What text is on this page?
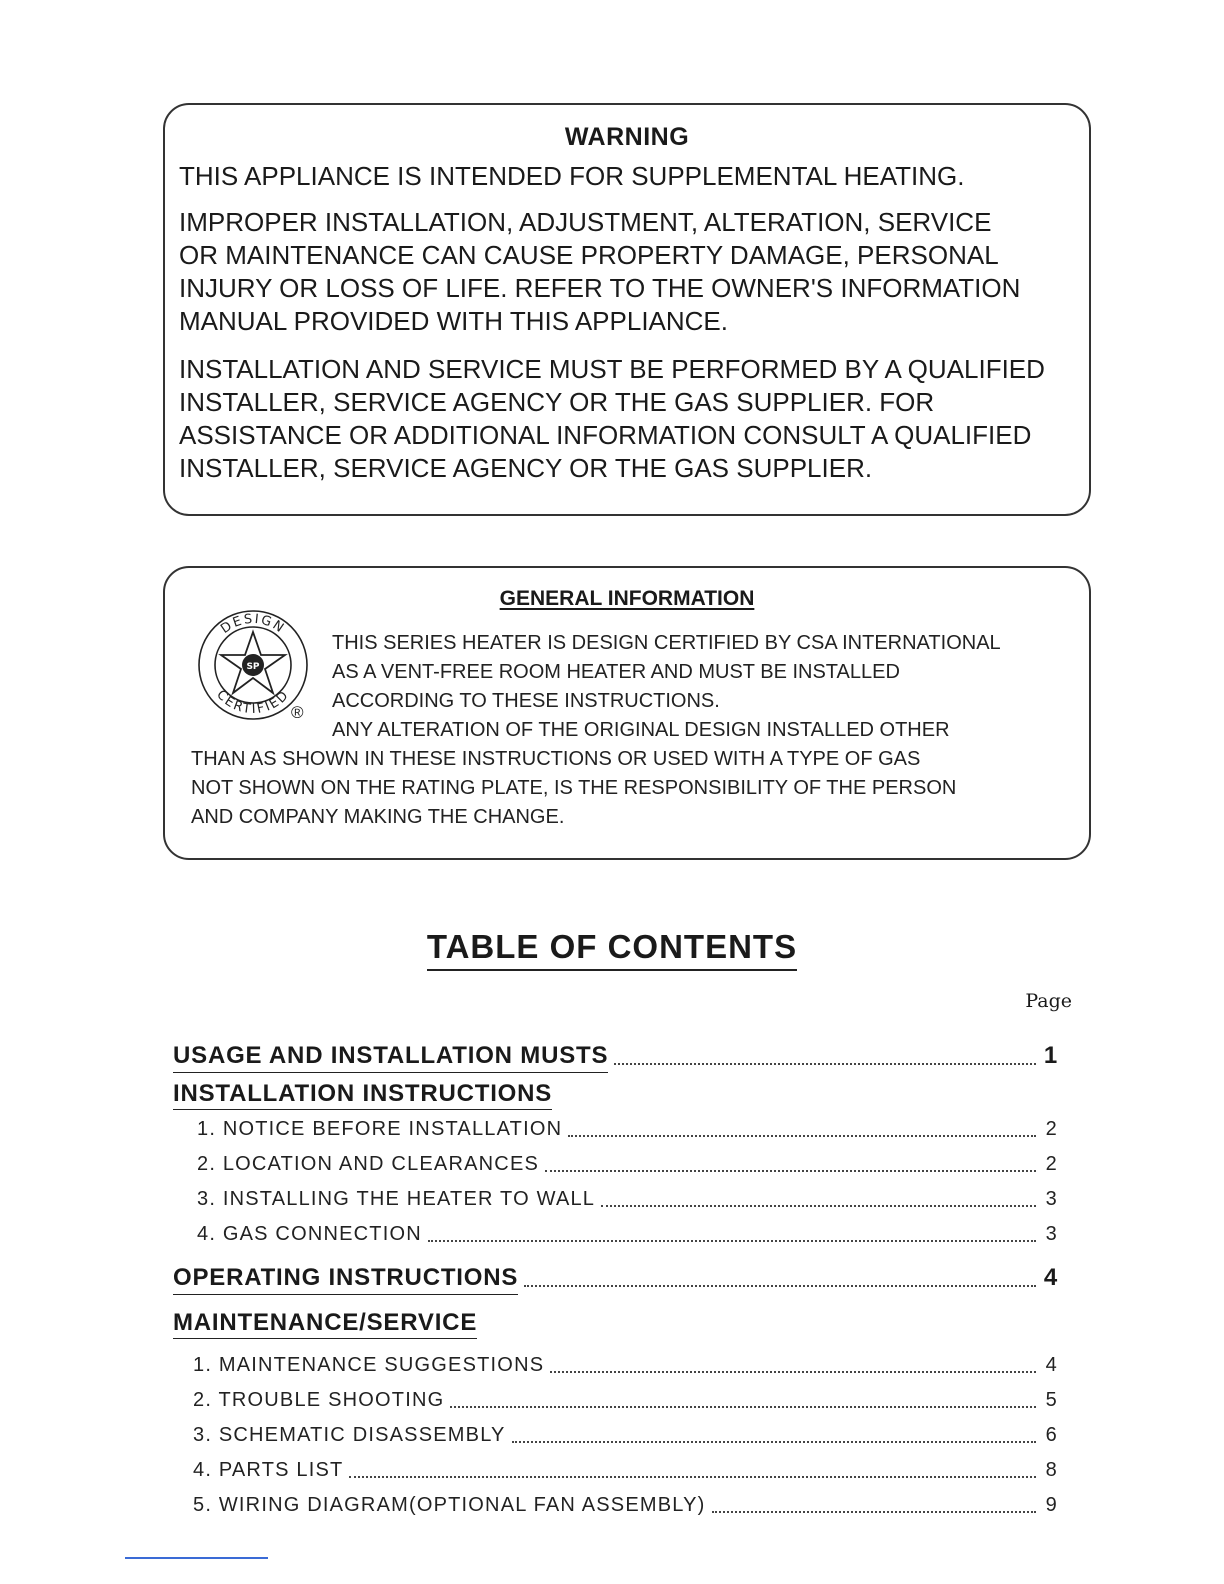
WARNING

THIS APPLIANCE IS INTENDED FOR SUPPLEMENTAL HEATING.

IMPROPER INSTALLATION, ADJUSTMENT, ALTERATION, SERVICE
OR MAINTENANCE CAN CAUSE PROPERTY DAMAGE, PERSONAL
INJURY OR LOSS OF LIFE. REFER TO THE OWNER'S INFORMATION
MANUAL PROVIDED WITH THIS APPLIANCE.
INSTALLATION AND SERVICE MUST BE PERFORMED BY A QUALIFIED
INSTALLER, SERVICE AGENCY OR THE GAS SUPPLIER. FOR
ASSISTANCE OR ADDITIONAL INFORMATION CONSULT A QUALIFIED
INSTALLER, SERVICE AGENCY OR THE GAS SUPPLIER.
GENERAL INFORMATION
SP
DESIGN
CERTIFIED
®
THIS SERIES HEATER IS DESIGN CERTIFIED BY CSA INTERNATIONAL
AS A VENT-FREE ROOM HEATER AND MUST BE INSTALLED
ACCORDING TO THESE INSTRUCTIONS.
ANY ALTERATION OF THE ORIGINAL DESIGN INSTALLED OTHER
THAN AS SHOWN IN THESE INSTRUCTIONS OR USED WITH A TYPE OF GAS
NOT SHOWN ON THE RATING PLATE, IS THE RESPONSIBILITY OF THE PERSON
AND COMPANY MAKING THE CHANGE.
TABLE OF CONTENTS
Page
USAGE AND INSTALLATION MUSTS	1
INSTALLATION INSTRUCTIONS
1. NOTICE BEFORE INSTALLATION	2
2. LOCATION AND CLEARANCES	2
3. INSTALLING THE HEATER TO WALL	3
4. GAS CONNECTION	3
OPERATING INSTRUCTIONS	4
MAINTENANCE/SERVICE
1. MAINTENANCE SUGGESTIONS	4
2. TROUBLE SHOOTING	5
3. SCHEMATIC DISASSEMBLY	6
4. PARTS LIST	8
5. WIRING DIAGRAM(OPTIONAL FAN ASSEMBLY)	9
